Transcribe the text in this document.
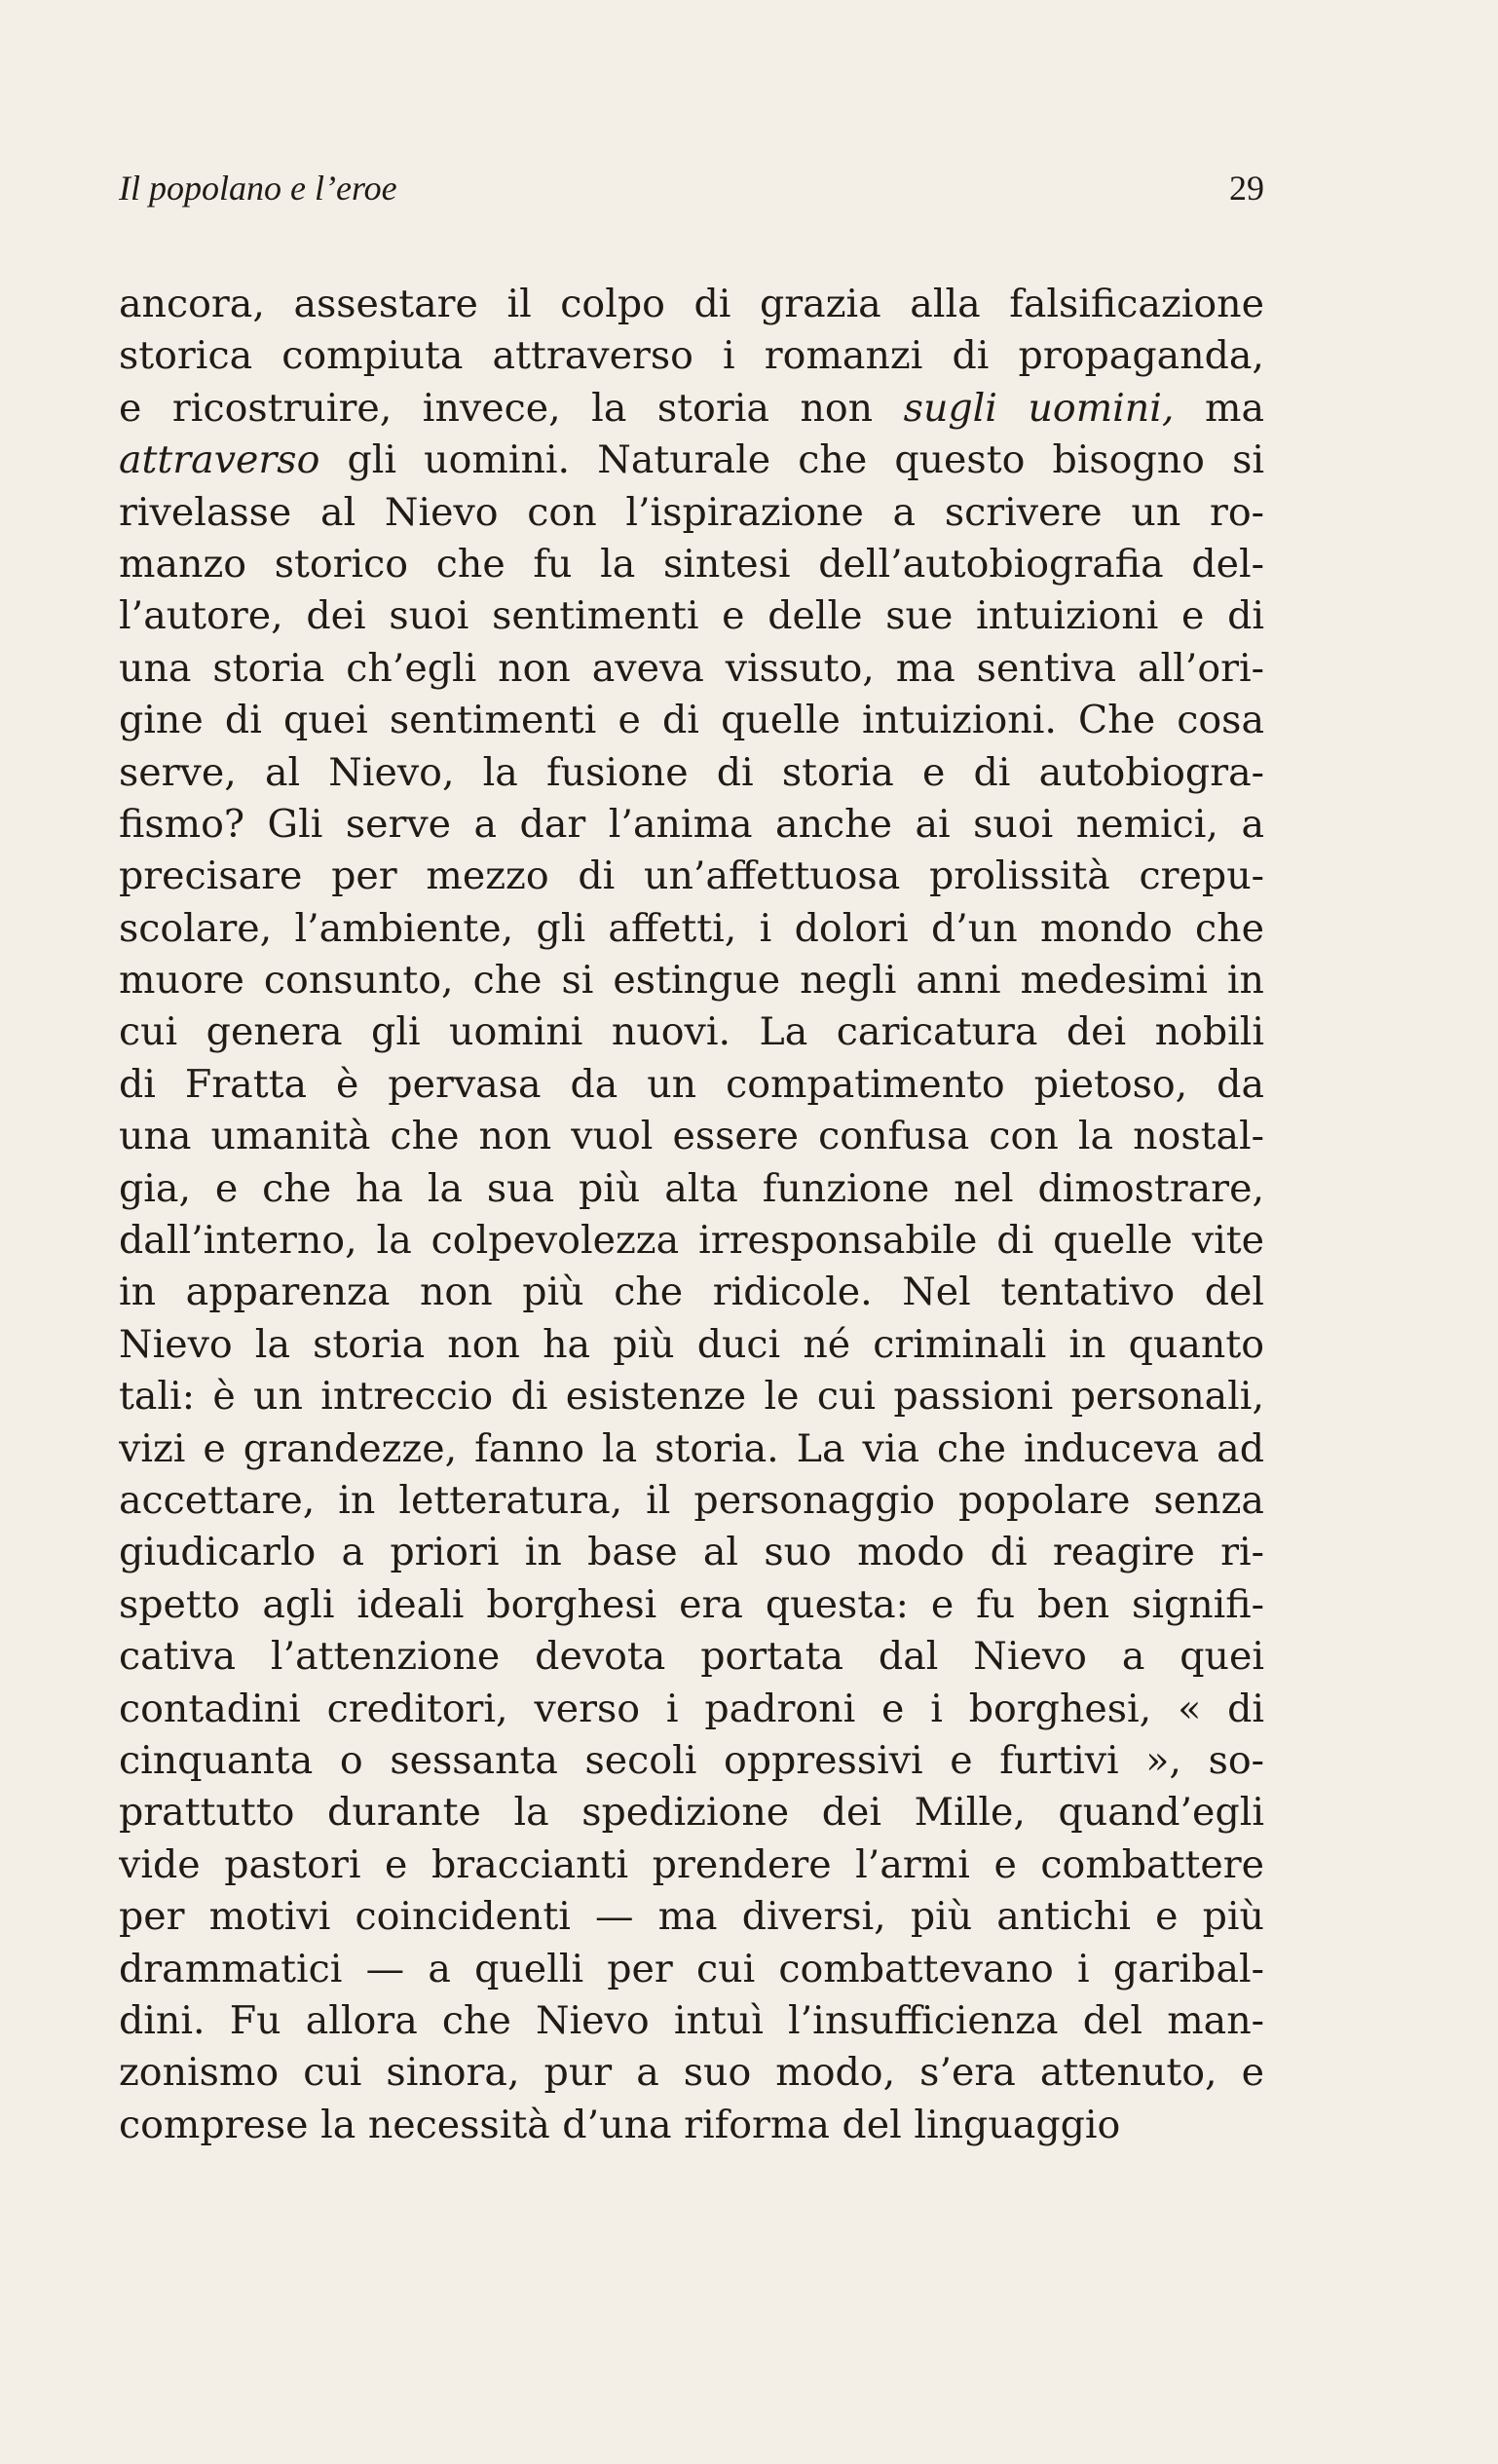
Il popolano e l’eroe	29
ancora, assestare il colpo di grazia alla falsificazione
storica compiuta attraverso i romanzi di propaganda,
e ricostruire, invece, la storia non sugli uomini, ma
attraverso gli uomini. Naturale che questo bisogno si
rivelasse al Nievo con l’ispirazione a scrivere un ro-
manzo storico che fu la sintesi dell’autobiografia del-
l’autore, dei suoi sentimenti e delle sue intuizioni e di
una storia ch’egli non aveva vissuto, ma sentiva all’ori-
gine di quei sentimenti e di quelle intuizioni. Che cosa
serve, al Nievo, la fusione di storia e di autobiogra-
fismo? Gli serve a dar l’anima anche ai suoi nemici, a
precisare per mezzo di un’affettuosa prolissità crepu-
scolare, l’ambiente, gli affetti, i dolori d’un mondo che
muore consunto, che si estingue negli anni medesimi in
cui genera gli uomini nuovi. La caricatura dei nobili
di Fratta è pervasa da un compatimento pietoso, da
una umanità che non vuol essere confusa con la nostal-
gia, e che ha la sua più alta funzione nel dimostrare,
dall’interno, la colpevolezza irresponsabile di quelle vite
in apparenza non più che ridicole. Nel tentativo del
Nievo la storia non ha più duci né criminali in quanto
tali: è un intreccio di esistenze le cui passioni personali,
vizi e grandezze, fanno la storia. La via che induceva ad
accettare, in letteratura, il personaggio popolare senza
giudicarlo a priori in base al suo modo di reagire ri-
spetto agli ideali borghesi era questa: e fu ben signifi-
cativa l’attenzione devota portata dal Nievo a quei
contadini creditori, verso i padroni e i borghesi, « di
cinquanta o sessanta secoli oppressivi e furtivi », so-
prattutto durante la spedizione dei Mille, quand’egli
vide pastori e braccianti prendere l’armi e combattere
per motivi coincidenti — ma diversi, più antichi e più
drammatici — a quelli per cui combattevano i garibal-
dini. Fu allora che Nievo intuì l’insufficienza del man-
zonismo cui sinora, pur a suo modo, s’era attenuto, e
comprese la necessità d’una riforma del linguaggio
